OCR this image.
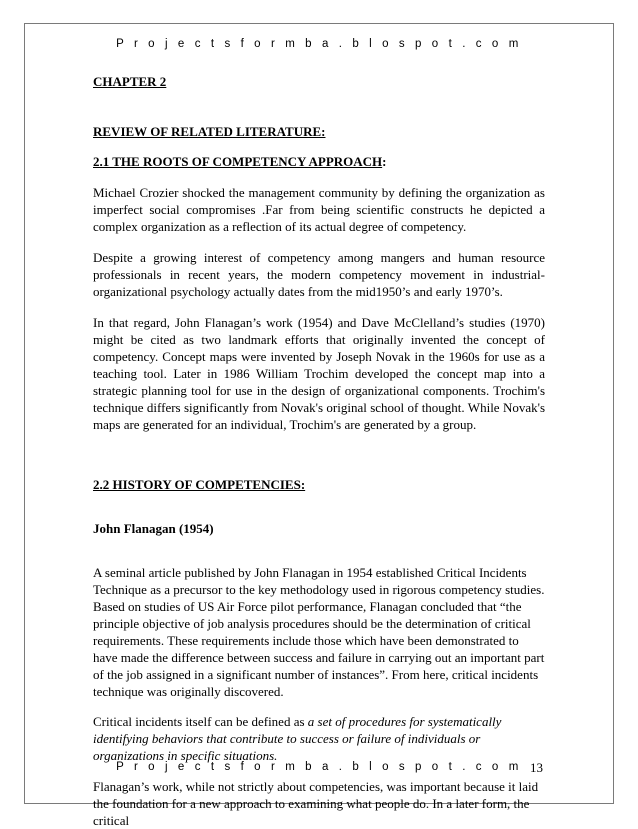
P r o j e c t s f o r m b a . b l o s p o t . c o m

CHAPTER 2

REVIEW OF RELATED LITERATURE:

2.1 THE ROOTS OF COMPETENCY APPROACH:

Michael Crozier shocked the management community by defining the organization as imperfect social compromises .Far from being scientific constructs he depicted a complex organization as a reflection of its actual degree of competency.

Despite a growing interest of competency among mangers and human resource professionals in recent years, the modern competency movement in industrial-organizational psychology actually dates from the mid1950’s and early 1970’s.

In that regard, John Flanagan’s work (1954) and Dave McClelland’s studies (1970) might be cited as two landmark efforts that originally invented the concept of competency. Concept maps were invented by Joseph Novak in the 1960s for use as a teaching tool. Later in 1986 William Trochim developed the concept map into a strategic planning tool for use in the design of organizational components. Trochim's technique differs significantly from Novak's original school of thought. While Novak's maps are generated for an individual, Trochim's are generated by a group.

2.2 HISTORY OF COMPETENCIES:

John Flanagan (1954)

A seminal article published by John Flanagan in 1954 established Critical Incidents Technique as a precursor to the key methodology used in rigorous competency studies. Based on studies of US Air Force pilot performance, Flanagan concluded that “the principle objective of job analysis procedures should be the determination of critical requirements. These requirements include those which have been demonstrated to have made the difference between success and failure in carrying out an important part of the job assigned in a significant number of instances”. From here, critical incidents technique was originally discovered.

Critical incidents itself can be defined as a set of procedures for systematically identifying behaviors that contribute to success or failure of individuals or organizations in specific situations.

Flanagan’s work, while not strictly about competencies, was important because it laid the foundation for a new approach to examining what people do. In a later form, the critical

P r o j e c t s f o r m b a . b l o s p o t . c o m 13
